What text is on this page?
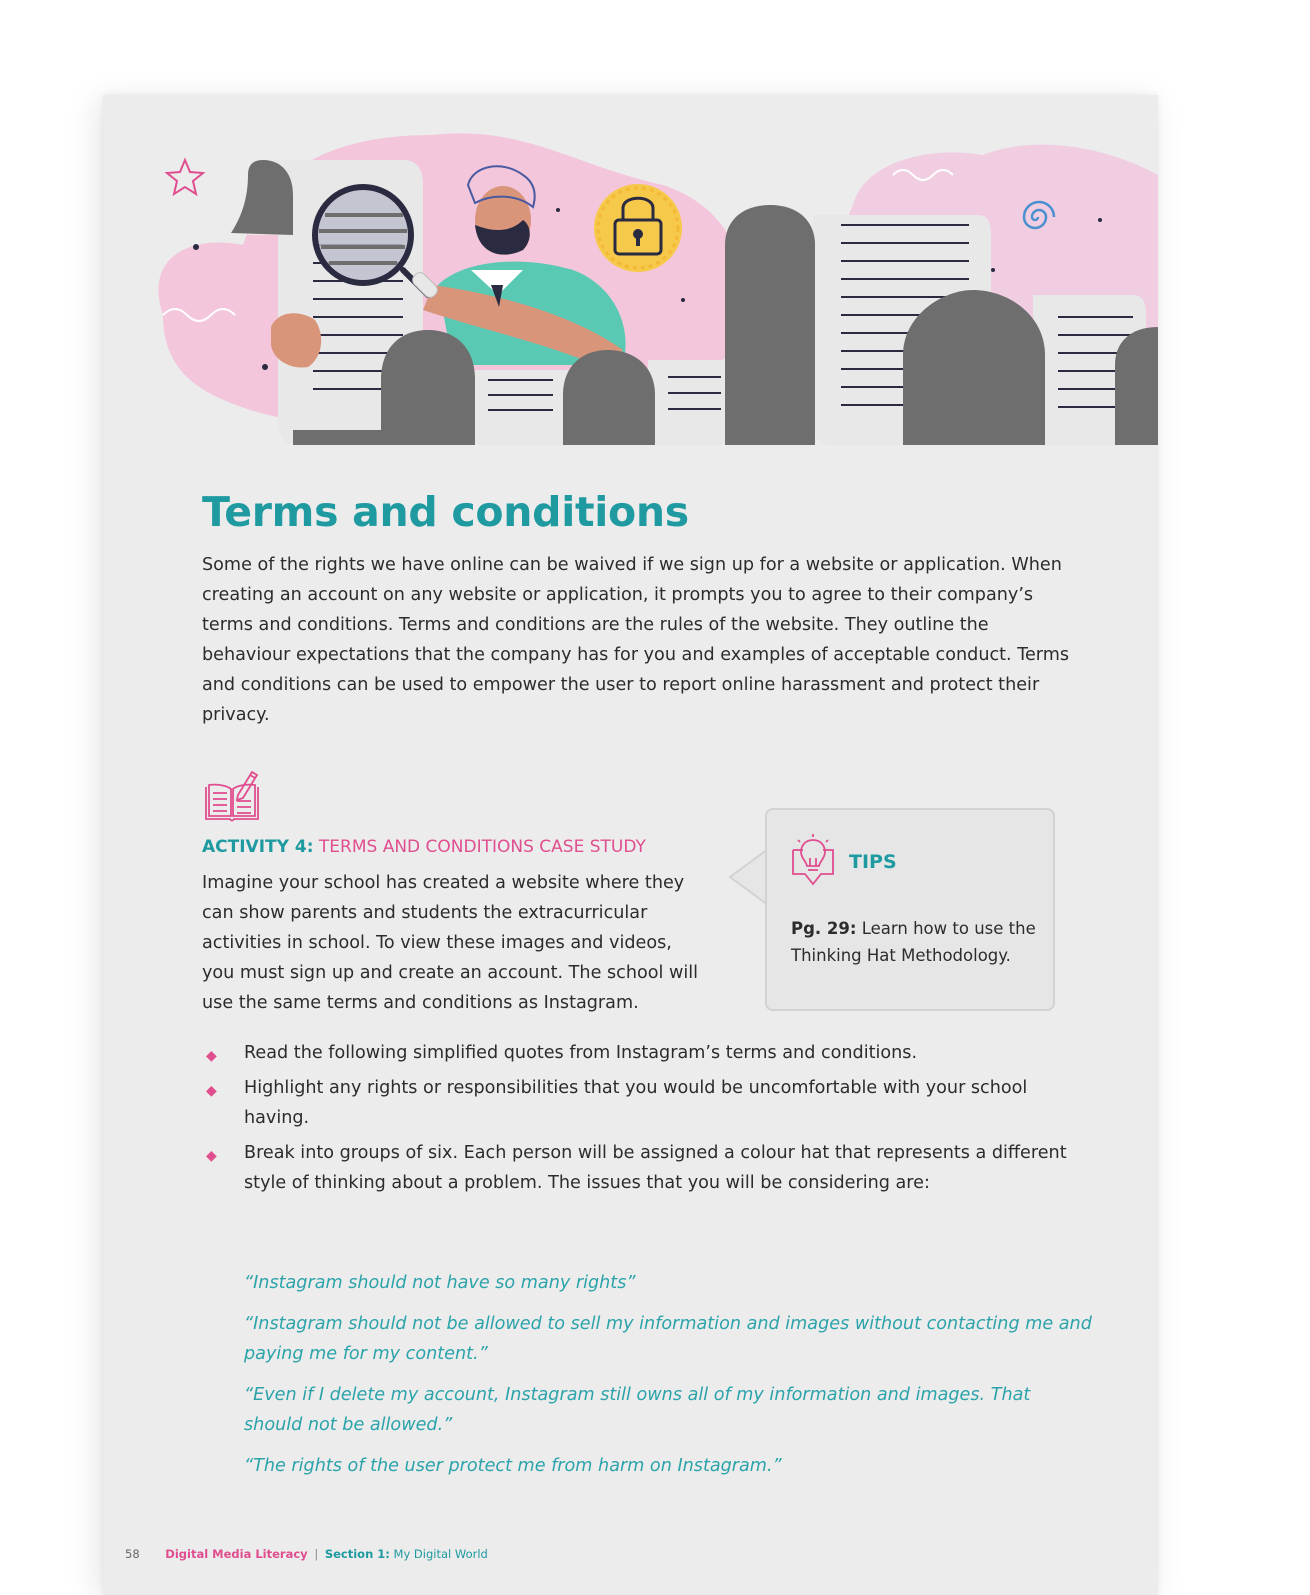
Terms and conditions

Some of the rights we have online can be waived if we sign up for a website or application. When creating an account on any website or application, it prompts you to agree to their company’s terms and conditions. Terms and conditions are the rules of the website. They outline the behaviour expectations that the company has for you and examples of acceptable conduct. Terms and conditions can be used to empower the user to report online harassment and protect their privacy.

ACTIVITY 4: TERMS AND CONDITIONS CASE STUDY

Imagine your school has created a website where they can show parents and students the extracurricular activities in school. To view these images and videos, you must sign up and create an account. The school will use the same terms and conditions as Instagram.

TIPS
Pg. 29: Learn how to use the Thinking Hat Methodology.
◆ Read the following simplified quotes from Instagram’s terms and conditions.
◆ Highlight any rights or responsibilities that you would be uncomfortable with your school having.
◆ Break into groups of six. Each person will be assigned a colour hat that represents a different style of thinking about a problem. The issues that you will be considering are:

“Instagram should not have so many rights”

“Instagram should not be allowed to sell my information and images without contacting me and paying me for my content.”

“Even if I delete my account, Instagram still owns all of my information and images. That should not be allowed.”

“The rights of the user protect me from harm on Instagram.”

58 Digital Media Literacy | Section 1: My Digital World
